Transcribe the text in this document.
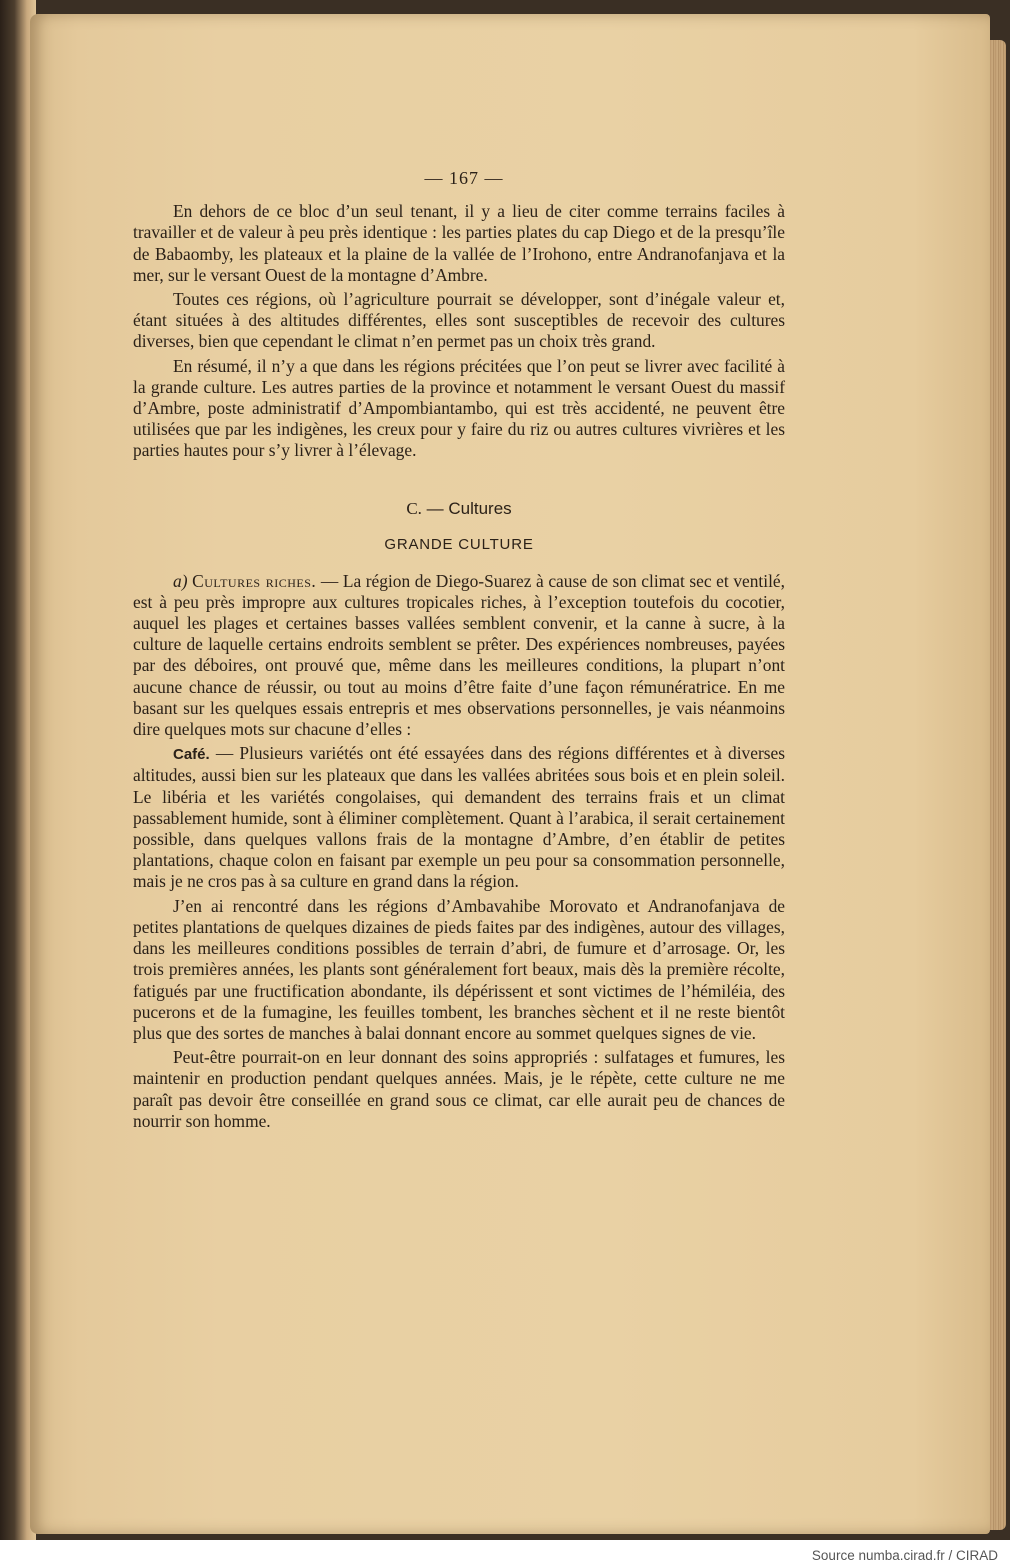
— 167 —

En dehors de ce bloc d’un seul tenant, il y a lieu de citer comme terrains faciles à travailler et de valeur à peu près identique : les parties plates du cap Diego et de la presqu’île de Babaomby, les plateaux et la plaine de la vallée de l’Irohono, entre Andranofanjava et la mer, sur le versant Ouest de la montagne d’Ambre.

Toutes ces régions, où l’agriculture pourrait se développer, sont d’inégale valeur et, étant situées à des altitudes différentes, elles sont susceptibles de recevoir des cultures diverses, bien que cependant le climat n’en permet pas un choix très grand.

En résumé, il n’y a que dans les régions précitées que l’on peut se livrer avec facilité à la grande culture. Les autres parties de la province et notamment le versant Ouest du massif d’Ambre, poste administratif d’Ampombiantambo, qui est très accidenté, ne peuvent être utilisées que par les indigènes, les creux pour y faire du riz ou autres cultures vivrières et les parties hautes pour s’y livrer à l’élevage.

C. — Cultures
GRANDE CULTURE

a) Cultures riches. — La région de Diego-Suarez à cause de son climat sec et ventilé, est à peu près impropre aux cultures tropicales riches, à l’exception toutefois du cocotier, auquel les plages et certaines basses vallées semblent convenir, et la canne à sucre, à la culture de laquelle certains endroits semblent se prêter. Des expériences nombreuses, payées par des déboires, ont prouvé que, même dans les meilleures conditions, la plupart n’ont aucune chance de réussir, ou tout au moins d’être faite d’une façon rémunératrice. En me basant sur les quelques essais entrepris et mes observations personnelles, je vais néanmoins dire quelques mots sur chacune d’elles :

Café. — Plusieurs variétés ont été essayées dans des régions différentes et à diverses altitudes, aussi bien sur les plateaux que dans les vallées abritées sous bois et en plein soleil. Le libéria et les variétés congolaises, qui demandent des terrains frais et un climat passablement humide, sont à éliminer complètement. Quant à l’arabica, il serait certainement possible, dans quelques vallons frais de la montagne d’Ambre, d’en établir de petites plantations, chaque colon en faisant par exemple un peu pour sa consommation personnelle, mais je ne cros pas à sa culture en grand dans la région.

J’en ai rencontré dans les régions d’Ambavahibe Morovato et Andranofanjava de petites plantations de quelques dizaines de pieds faites par des indigènes, autour des villages, dans les meilleures conditions possibles de terrain d’abri, de fumure et d’arrosage. Or, les trois premières années, les plants sont généralement fort beaux, mais dès la première récolte, fatigués par une fructification abondante, ils dépérissent et sont victimes de l’hémiléia, des pucerons et de la fumagine, les feuilles tombent, les branches sèchent et il ne reste bientôt plus que des sortes de manches à balai donnant encore au sommet quelques signes de vie.

Peut-être pourrait-on en leur donnant des soins appropriés : sulfatages et fumures, les maintenir en production pendant quelques années. Mais, je le répète, cette culture ne me paraît pas devoir être conseillée en grand sous ce climat, car elle aurait peu de chances de nourrir son homme.

Source numba.cirad.fr / CIRAD
